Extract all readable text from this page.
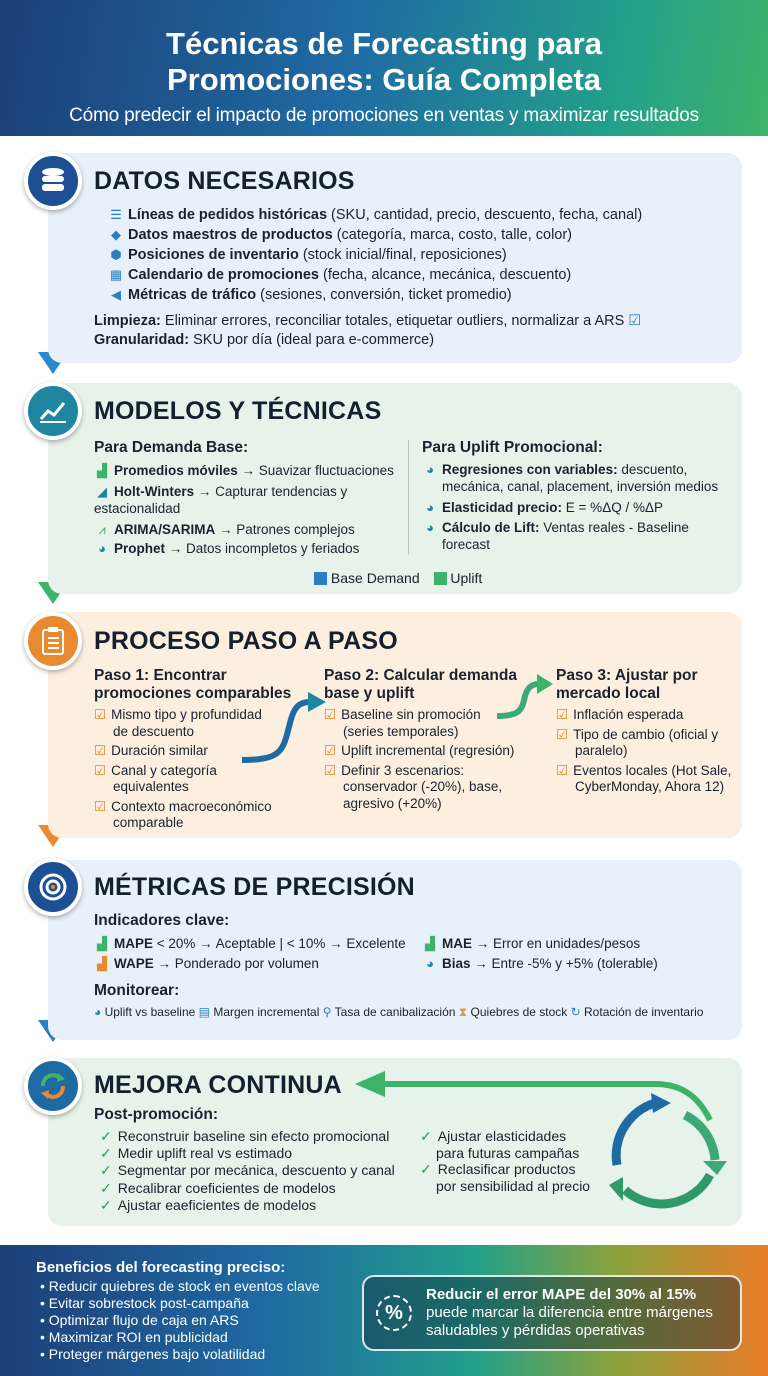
Técnicas de Forecasting para
Promociones: Guía Completa

Cómo predecir el impacto de promociones en ventas y maximizar resultados

DATOS NECESARIOS
☰ Líneas de pedidos históricas (SKU, cantidad, precio, descuento, fecha, canal)
◆ Datos maestros de productos (categoría, marca, costo, talle, color)
⬢ Posiciones de inventario (stock inicial/final, reposiciones)
▦ Calendario de promociones (fecha, alcance, mecánica, descuento)
◀ Métricas de tráfico (sesiones, conversión, ticket promedio)
Limpieza: Eliminar errores, reconciliar totales, etiquetar outliers, normalizar a ARS ☑
Granularidad: SKU por día (ideal para e-commerce)
MODELOS Y TÉCNICAS
Para Demanda Base:
▟ Promedios móviles → Suavizar fluctuaciones
◢ Holt-Winters → Capturar tendencias y
estacionalidad
⩘ ARIMA/SARIMA → Patrones complejos
◕ Prophet → Datos incompletos y feriados
Para Uplift Promocional:
◕ Regresiones con variables: descuento,
mecánica, canal, placement, inversión medios
◕ Elasticidad precio: E = %ΔQ / %ΔP
◕ Cálculo de Lift: Ventas reales - Baseline
forecast
Base Demand Uplift
PROCESO PASO A PASO
Paso 1: Encontrar
promociones comparables
☑ Mismo tipo y profundidad
de descuento
☑ Duración similar
☑ Canal y categoría
equivalentes
☑ Contexto macroeconómico
comparable
Paso 2: Calcular demanda
base y uplift
☑ Baseline sin promoción
(series temporales)
☑ Uplift incremental (regresión)
☑ Definir 3 escenarios:
conservador (-20%), base,
agresivo (+20%)
Paso 3: Ajustar por
mercado local
☑ Inflación esperada
☑ Tipo de cambio (oficial y
paralelo)
☑ Eventos locales (Hot Sale,
CyberMonday, Ahora 12)
MÉTRICAS DE PRECISIÓN
Indicadores clave:
▟ MAPE < 20% → Aceptable | < 10% → Excelente ▟ MAE → Error en unidades/pesos
▟ WAPE → Ponderado por volumen	◕ Bias → Entre -5% y +5% (tolerable)
Monitorear:
◕ Uplift vs baseline ▤ Margen incremental ⚲ Tasa de canibalización ⧗ Quiebres de stock ↻ Rotación de inventario
MEJORA CONTINUA
Post-promoción:
✓ Reconstruir baseline sin efecto promocional
✓ Medir uplift real vs estimado
✓ Segmentar por mecánica, descuento y canal
✓ Recalibrar coeficientes de modelos
✓ Ajustar eaeficientes de modelos
✓ Ajustar elasticidades
para futuras campañas
✓ Reclasificar productos
por sensibilidad al precio
Beneficios del forecasting preciso:
• Reducir quiebres de stock en eventos clave
• Evitar sobrestock post-campaña
• Optimizar flujo de caja en ARS
• Maximizar ROI en publicidad
• Proteger márgenes bajo volatilidad
%
Reducir el error MAPE del 30% al 15%
puede marcar la diferencia entre márgenes
saludables y pérdidas operativas
